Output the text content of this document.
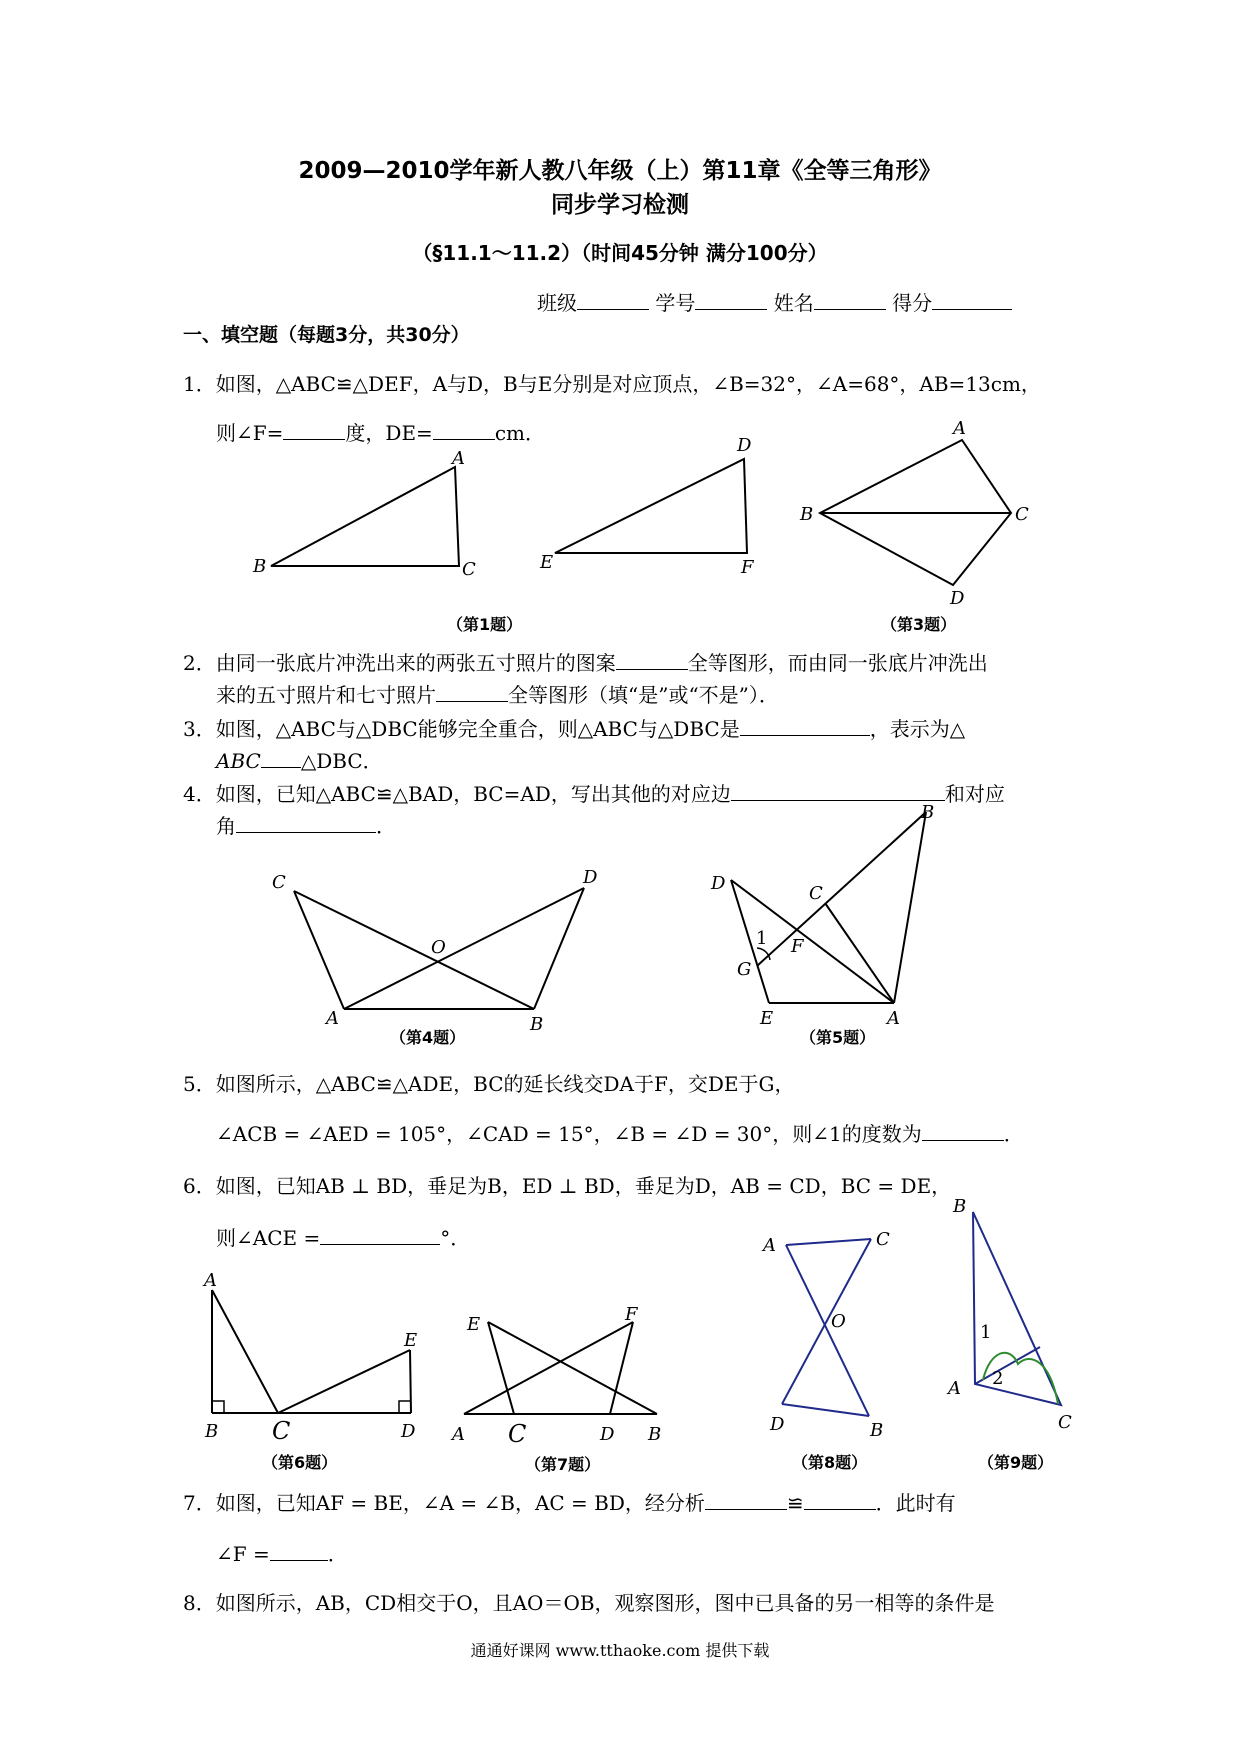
2009—2010学年新人教八年级（上）第11章《全等三角形》
同步学习检测
（§11.1～11.2）（时间45分钟 满分100分）
班级	学号	姓名	得分
一、填空题（每题3分，共30分）
1．如图，△ABC≌△DEF，A与D，B与E分别是对应顶点，∠B=32°，∠A=68°，AB=13cm，
则∠F=	度，DE=	cm．
A
B	C
D
E	F
A
B	C
D
（第1题）	（第3题）
2．由同一张底片冲洗出来的两张五寸照片的图案	全等图形，而由同一张底片冲洗出
来的五寸照片和七寸照片	全等图形（填“是”或“不是”）．
3．如图，△ABC与△DBC能够完全重合，则△ABC与△DBC是	，表示为△
ABC △DBC．
4．如图，已知△ABC≌△BAD，BC=AD，写出其他的对应边	和对应
角	．
C	D
O
A	B
B
D	C
F
1
G
E	A
（第4题）	（第5题）
5．如图所示，△ABC≌△ADE，BC的延长线交DA于F，交DE于G，
∠ACB = ∠AED = 105°，∠CAD = 15°，∠B = ∠D = 30°，则∠1的度数为	．
6．如图，已知AB ⊥ BD，垂足为B，ED ⊥ BD，垂足为D，AB = CD，BC = DE，
则∠ACE =	°．
A
E
B C	D
E	F
A C	D B
A	C
O
D	B
B
1
2
A
C
（第6题）	（第7题）	（第8题）	（第9题）
7．如图，已知AF = BE，∠A = ∠B，AC = BD，经分析	≌	．此时有
∠F =	．
8．如图所示，AB，CD相交于O，且AO＝OB，观察图形，图中已具备的另一相等的条件是
通通好课网 www.tthaoke.com 提供下载
